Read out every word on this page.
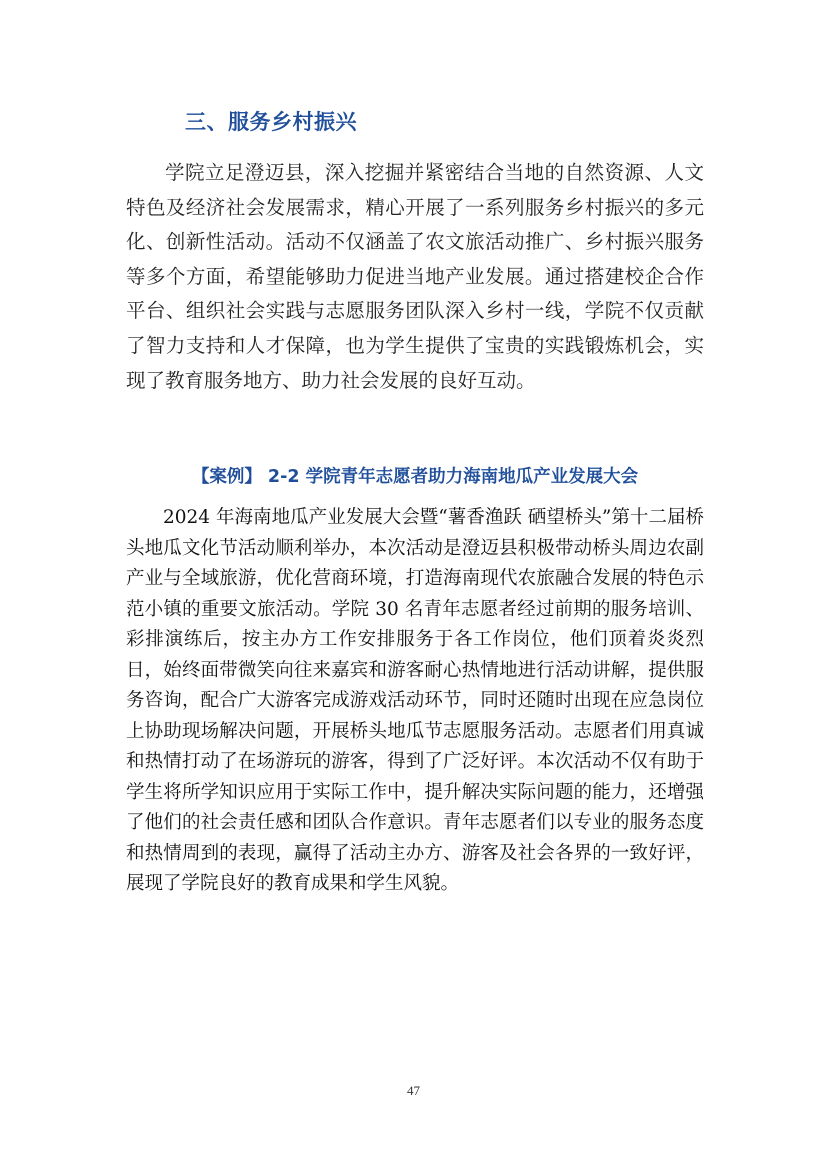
三、服务乡村振兴

学院立足澄迈县，深入挖掘并紧密结合当地的自然资源、人文特色及经济社会发展需求，精心开展了一系列服务乡村振兴的多元化、创新性活动。活动不仅涵盖了农文旅活动推广、乡村振兴服务等多个方面，希望能够助力促进当地产业发展。通过搭建校企合作平台、组织社会实践与志愿服务团队深入乡村一线，学院不仅贡献了智力支持和人才保障，也为学生提供了宝贵的实践锻炼机会，实现了教育服务地方、助力社会发展的良好互动。

【案例】 2-2 学院青年志愿者助力海南地瓜产业发展大会

2024 年海南地瓜产业发展大会暨“薯香渔跃 硒望桥头”第十二届桥头地瓜文化节活动顺利举办，本次活动是澄迈县积极带动桥头周边农副产业与全域旅游，优化营商环境，打造海南现代农旅融合发展的特色示范小镇的重要文旅活动。学院 30 名青年志愿者经过前期的服务培训、彩排演练后，按主办方工作安排服务于各工作岗位，他们顶着炎炎烈日，始终面带微笑向往来嘉宾和游客耐心热情地进行活动讲解，提供服务咨询，配合广大游客完成游戏活动环节，同时还随时出现在应急岗位上协助现场解决问题，开展桥头地瓜节志愿服务活动。志愿者们用真诚和热情打动了在场游玩的游客，得到了广泛好评。本次活动不仅有助于学生将所学知识应用于实际工作中，提升解决实际问题的能力，还增强了他们的社会责任感和团队合作意识。青年志愿者们以专业的服务态度和热情周到的表现，赢得了活动主办方、游客及社会各界的一致好评，展现了学院良好的教育成果和学生风貌。

47
